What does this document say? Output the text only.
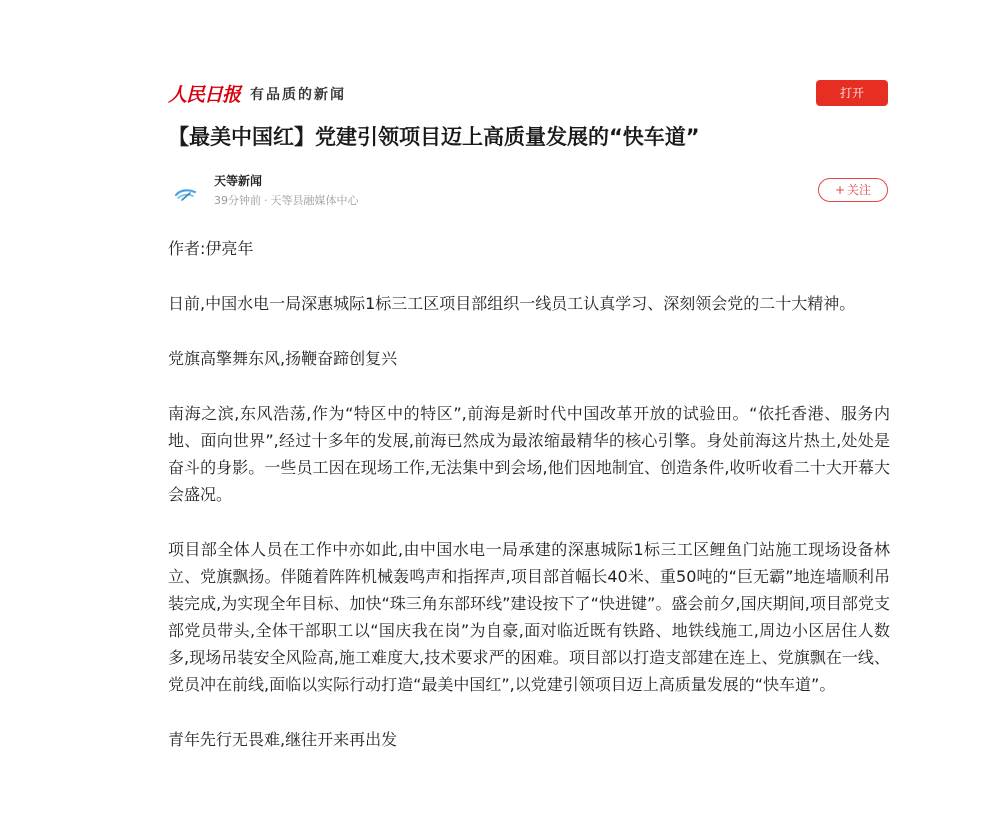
人民日报 有品质的新闻	打开
【最美中国红】党建引领项目迈上高质量发展的“快车道”
天等新闻
39分钟前 · 天等县融媒体中心
+ 关注

作者:伊亮年

日前,中国水电一局深惠城际1标三工区项目部组织一线员工认真学习、深刻领会党的二十大精神。

党旗高擎舞东风,扬鞭奋蹄创复兴

南海之滨,东风浩荡,作为“特区中的特区”,前海是新时代中国改革开放的试验田。“依托香港、服务内地、面向世界”,经过十多年的发展,前海已然成为最浓缩最精华的核心引擎。身处前海这片热土,处处是奋斗的身影。一些员工因在现场工作,无法集中到会场,他们因地制宜、创造条件,收听收看二十大开幕大会盛况。

项目部全体人员在工作中亦如此,由中国水电一局承建的深惠城际1标三工区鲤鱼门站施工现场设备林立、党旗飘扬。伴随着阵阵机械轰鸣声和指挥声,项目部首幅长40米、重50吨的“巨无霸”地连墙顺利吊装完成,为实现全年目标、加快“珠三角东部环线”建设按下了“快进键”。盛会前夕,国庆期间,项目部党支部党员带头,全体干部职工以“国庆我在岗”为自豪,面对临近既有铁路、地铁线施工,周边小区居住人数多,现场吊装安全风险高,施工难度大,技术要求严的困难。项目部以打造支部建在连上、党旗飘在一线、党员冲在前线,面临以实际行动打造“最美中国红”,以党建引领项目迈上高质量发展的“快车道”。

青年先行无畏难,继往开来再出发
